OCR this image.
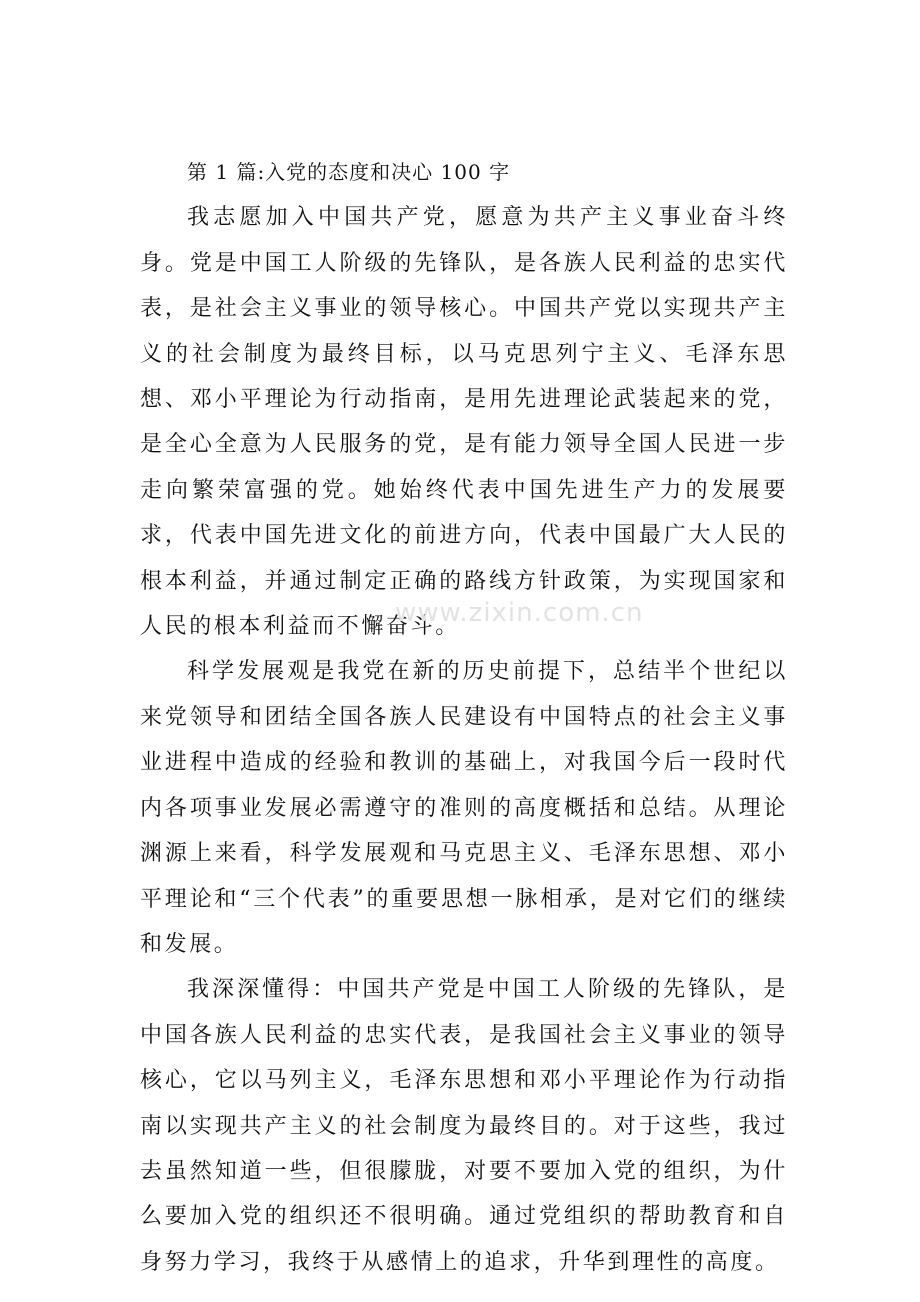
第 1 篇:入党的态度和决心 100 字

我志愿加入中国共产党，愿意为共产主义事业奋斗终身。党是中国工人阶级的先锋队，是各族人民利益的忠实代表，是社会主义事业的领导核心。中国共产党以实现共产主义的社会制度为最终目标，以马克思列宁主义、毛泽东思想、邓小平理论为行动指南，是用先进理论武装起来的党，是全心全意为人民服务的党，是有能力领导全国人民进一步走向繁荣富强的党。她始终代表中国先进生产力的发展要求，代表中国先进文化的前进方向，代表中国最广大人民的根本利益，并通过制定正确的路线方针政策，为实现国家和人民的根本利益而不懈奋斗。

科学发展观是我党在新的历史前提下，总结半个世纪以来党领导和团结全国各族人民建设有中国特点的社会主义事业进程中造成的经验和教训的基础上，对我国今后一段时代内各项事业发展必需遵守的准则的高度概括和总结。从理论渊源上来看，科学发展观和马克思主义、毛泽东思想、邓小平理论和“三个代表”的重要思想一脉相承，是对它们的继续和发展。

我深深懂得：中国共产党是中国工人阶级的先锋队，是中国各族人民利益的忠实代表，是我国社会主义事业的领导核心，它以马列主义，毛泽东思想和邓小平理论作为行动指南以实现共产主义的社会制度为最终目的。对于这些，我过去虽然知道一些，但很朦胧，对要不要加入党的组织，为什么要加入党的组织还不很明确。通过党组织的帮助教育和自身努力学习，我终于从感情上的追求，升华到理性的高度。

www.zixin.com.cn
